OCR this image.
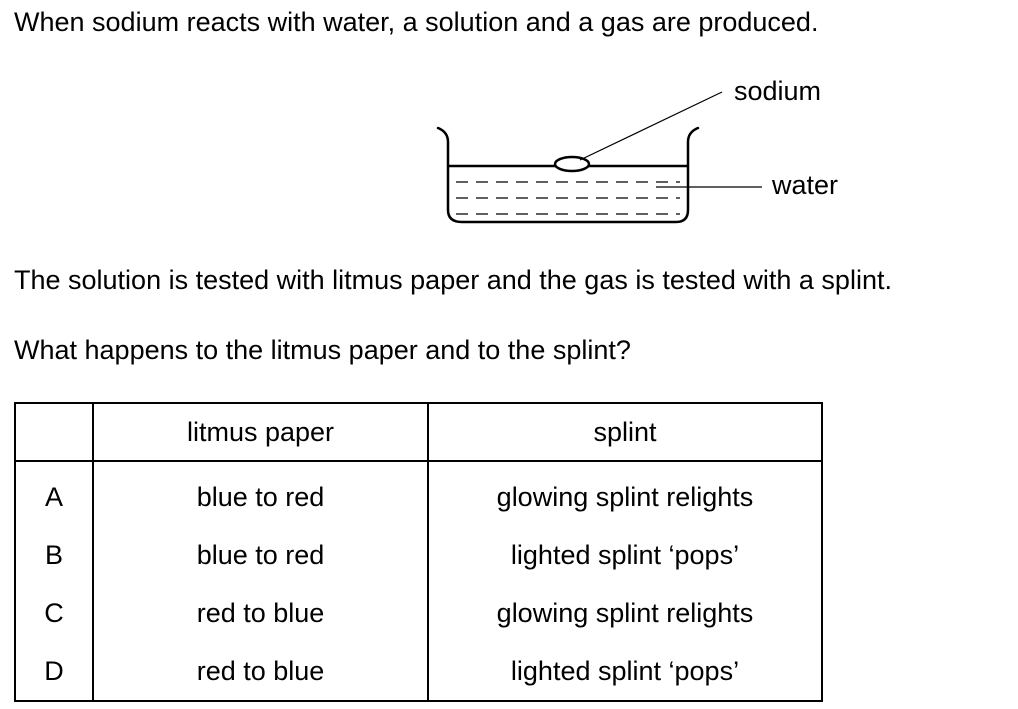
When sodium reacts with water, a solution and a gas are produced.
sodium
water
The solution is tested with litmus paper and the gas is tested with a splint.
What happens to the litmus paper and to the splint?
	litmus paper	splint
A	blue to red	glowing splint relights
B	blue to red	lighted splint ‘pops’
C	red to blue	glowing splint relights
D	red to blue	lighted splint ‘pops’
